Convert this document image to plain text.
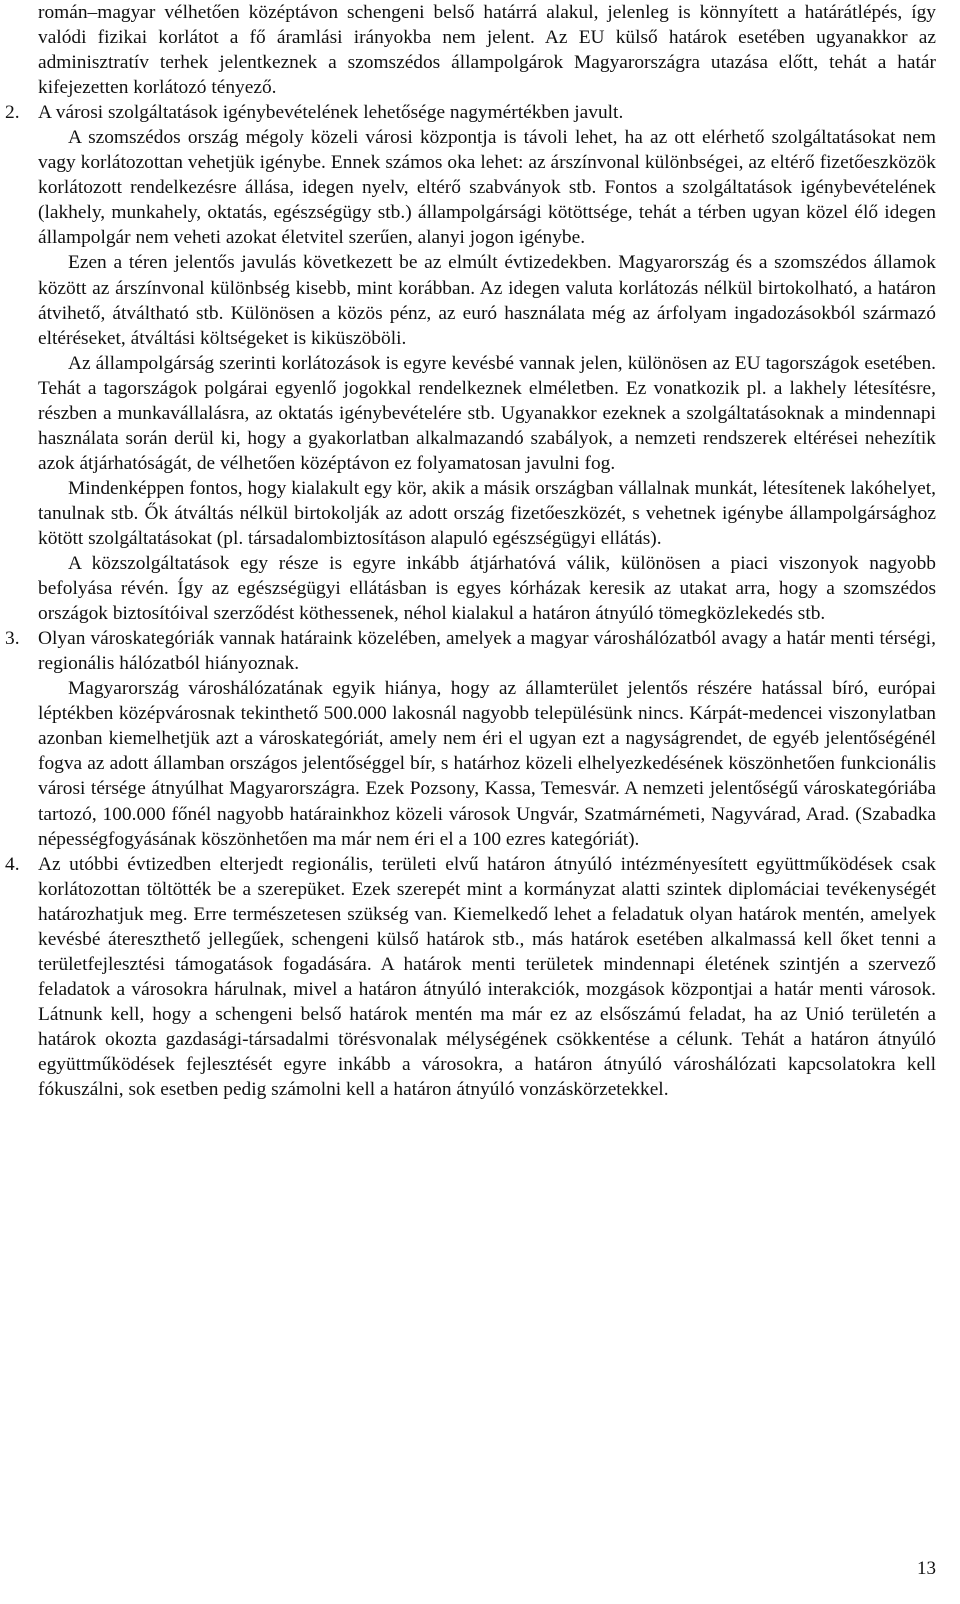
román–magyar vélhetően középtávon schengeni belső határrá alakul, jelenleg is könnyített a határátlépés, így valódi fizikai korlátot a fő áramlási irányokba nem jelent. Az EU külső határok esetében ugyanakkor az adminisztratív terhek jelentkeznek a szomszédos állampolgárok Magyarországra utazása előtt, tehát a határ kifejezetten korlátozó tényező.

2. A városi szolgáltatások igénybevételének lehetősége nagymértékben javult.

A szomszédos ország mégoly közeli városi központja is távoli lehet, ha az ott elérhető szolgáltatásokat nem vagy korlátozottan vehetjük igénybe. Ennek számos oka lehet: az árszínvonal különbségei, az eltérő fizetőeszközök korlátozott rendelkezésre állása, idegen nyelv, eltérő szabványok stb. Fontos a szolgáltatások igénybevételének (lakhely, munkahely, oktatás, egészségügy stb.) állampolgársági kötöttsége, tehát a térben ugyan közel élő idegen állampolgár nem veheti azokat életvitel szerűen, alanyi jogon igénybe.

Ezen a téren jelentős javulás következett be az elmúlt évtizedekben. Magyarország és a szomszédos államok között az árszínvonal különbség kisebb, mint korábban. Az idegen valuta korlátozás nélkül birtokolható, a határon átvihető, átváltható stb. Különösen a közös pénz, az euró használata még az árfolyam ingadozásokból származó eltéréseket, átváltási költségeket is kiküszöböli.

Az állampolgárság szerinti korlátozások is egyre kevésbé vannak jelen, különösen az EU tagországok esetében. Tehát a tagországok polgárai egyenlő jogokkal rendelkeznek elméletben. Ez vonatkozik pl. a lakhely létesítésre, részben a munkavállalásra, az oktatás igénybevételére stb. Ugyanakkor ezeknek a szolgáltatásoknak a mindennapi használata során derül ki, hogy a gyakorlatban alkalmazandó szabályok, a nemzeti rendszerek eltérései nehezítik azok átjárhatóságát, de vélhetően középtávon ez folyamatosan javulni fog.

Mindenképpen fontos, hogy kialakult egy kör, akik a másik országban vállalnak munkát, létesítenek lakóhelyet, tanulnak stb. Ők átváltás nélkül birtokolják az adott ország fizetőeszközét, s vehetnek igénybe állampolgársághoz kötött szolgáltatásokat (pl. társadalombiztosításon alapuló egészségügyi ellátás).

A közszolgáltatások egy része is egyre inkább átjárhatóvá válik, különösen a piaci viszonyok nagyobb befolyása révén. Így az egészségügyi ellátásban is egyes kórházak keresik az utakat arra, hogy a szomszédos országok biztosítóival szerződést köthessenek, néhol kialakul a határon átnyúló tömegközlekedés stb.

3. Olyan városkategóriák vannak határaink közelében, amelyek a magyar városhálózatból avagy a határ menti térségi, regionális hálózatból hiányoznak.

Magyarország városhálózatának egyik hiánya, hogy az államterület jelentős részére hatással bíró, európai léptékben középvárosnak tekinthető 500.000 lakosnál nagyobb településünk nincs. Kárpát-medencei viszonylatban azonban kiemelhetjük azt a városkategóriát, amely nem éri el ugyan ezt a nagyságrendet, de egyéb jelentőségénél fogva az adott államban országos jelentőséggel bír, s határhoz közeli elhelyezkedésének köszönhetően funkcionális városi térsége átnyúlhat Magyarországra. Ezek Pozsony, Kassa, Temesvár. A nemzeti jelentőségű városkategóriába tartozó, 100.000 főnél nagyobb határainkhoz közeli városok Ungvár, Szatmárnémeti, Nagyvárad, Arad. (Szabadka népességfogyásának köszönhetően ma már nem éri el a 100 ezres kategóriát).

4. Az utóbbi évtizedben elterjedt regionális, területi elvű határon átnyúló intézményesített együttműködések csak korlátozottan töltötték be a szerepüket. Ezek szerepét mint a kormányzat alatti szintek diplomáciai tevékenységét határozhatjuk meg. Erre természetesen szükség van. Kiemelkedő lehet a feladatuk olyan határok mentén, amelyek kevésbé átereszthető jellegűek, schengeni külső határok stb., más határok esetében alkalmassá kell őket tenni a területfejlesztési támogatások fogadására. A határok menti területek mindennapi életének szintjén a szervező feladatok a városokra hárulnak, mivel a határon átnyúló interakciók, mozgások központjai a határ menti városok. Látnunk kell, hogy a schengeni belső határok mentén ma már ez az elsőszámú feladat, ha az Unió területén a határok okozta gazdasági-társadalmi törésvonalak mélységének csökkentése a célunk. Tehát a határon átnyúló együttműködések fejlesztését egyre inkább a városokra, a határon átnyúló városhálózati kapcsolatokra kell fókuszálni, sok esetben pedig számolni kell a határon átnyúló vonzáskörzetekkel.

13
